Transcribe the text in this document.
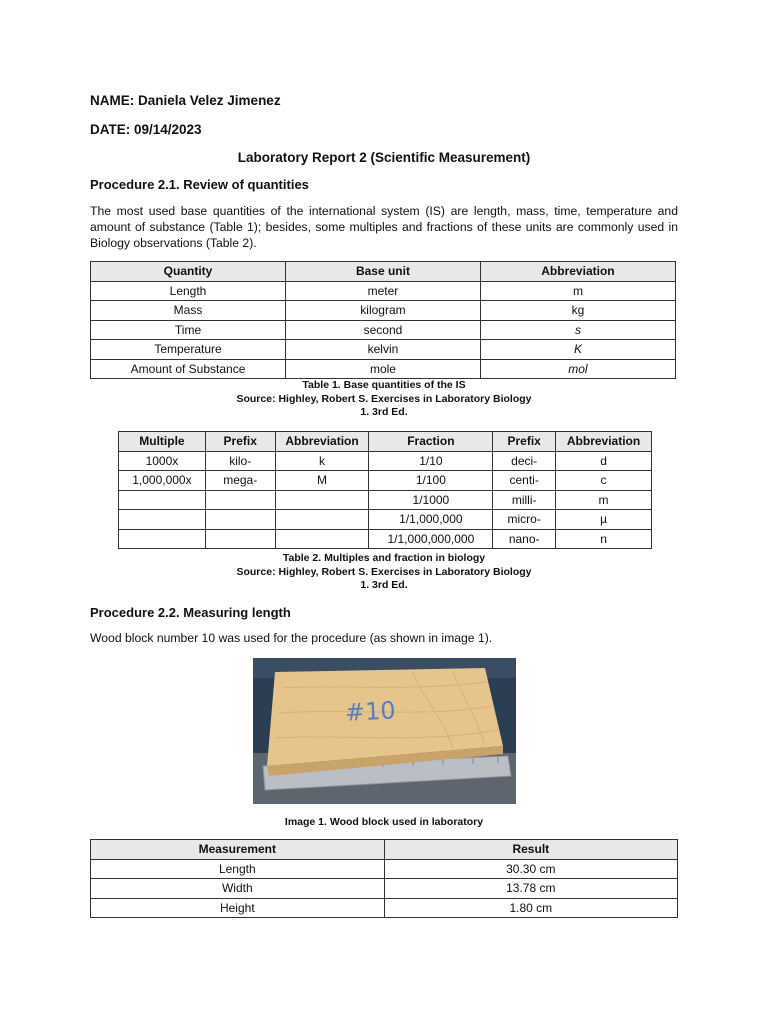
NAME: Daniela Velez Jimenez

DATE: 09/14/2023

Laboratory Report 2 (Scientific Measurement)

Procedure 2.1. Review of quantities

The most used base quantities of the international system (IS) are length, mass, time, temperature and amount of substance (Table 1); besides, some multiples and fractions of these units are commonly used in Biology observations (Table 2).

Quantity	Base unit	Abbreviation
Length	meter	m
Mass	kilogram	kg
Time	second	s
Temperature	kelvin	K
Amount of Substance	mole	mol
Table 1. Base quantities of the IS
Source: Highley, Robert S. Exercises in Laboratory Biology
1. 3rd Ed.
Multiple	Prefix	Abbreviation	Fraction	Prefix	Abbreviation
1000x	kilo-	k	1/10	deci-	d
1,000,000x	mega-	M	1/100	centi-	c
			1/1000	milli-	m
			1/1,000,000	micro-	µ
			1/1,000,000,000	nano-	n
Table 2. Multiples and fraction in biology
Source: Highley, Robert S. Exercises in Laboratory Biology
1. 3rd Ed.

Procedure 2.2. Measuring length

Wood block number 10 was used for the procedure (as shown in image 1).

#10
Image 1. Wood block used in laboratory
Measurement	Result
Length	30.30 cm
Width	13.78 cm
Height	1.80 cm
